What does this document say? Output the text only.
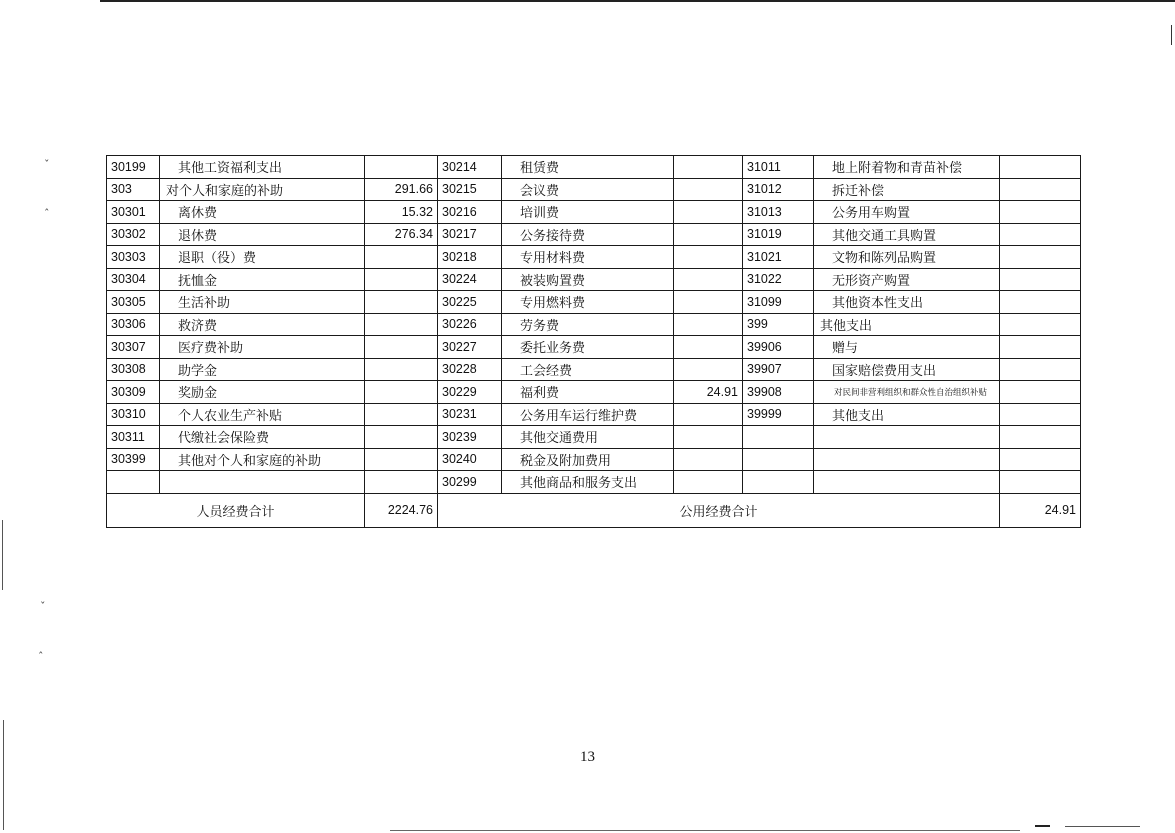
ˇ
ˆ
ˇ
ˆ
30199	其他工资福利支出		30214	租赁费		31011	地上附着物和青苗补偿	
303	对个人和家庭的补助	291.66	30215	会议费		31012	拆迁补偿	
30301	离休费	15.32	30216	培训费		31013	公务用车购置	
30302	退休费	276.34	30217	公务接待费		31019	其他交通工具购置	
30303	退职（役）费		30218	专用材料费		31021	文物和陈列品购置	
30304	抚恤金		30224	被装购置费		31022	无形资产购置	
30305	生活补助		30225	专用燃料费		31099	其他资本性支出	
30306	救济费		30226	劳务费		399	其他支出	
30307	医疗费补助		30227	委托业务费		39906	赠与	
30308	助学金		30228	工会经费		39907	国家赔偿费用支出	
30309	奖励金		30229	福利费	24.91	39908	对民间非营利组织和群众性自治组织补贴	
30310	个人农业生产补贴		30231	公务用车运行维护费		39999	其他支出	
30311	代缴社会保险费		30239	其他交通费用				
30399	其他对个人和家庭的补助		30240	税金及附加费用				
			30299	其他商品和服务支出				
人员经费合计		2224.76	公用经费合计					24.91
13
